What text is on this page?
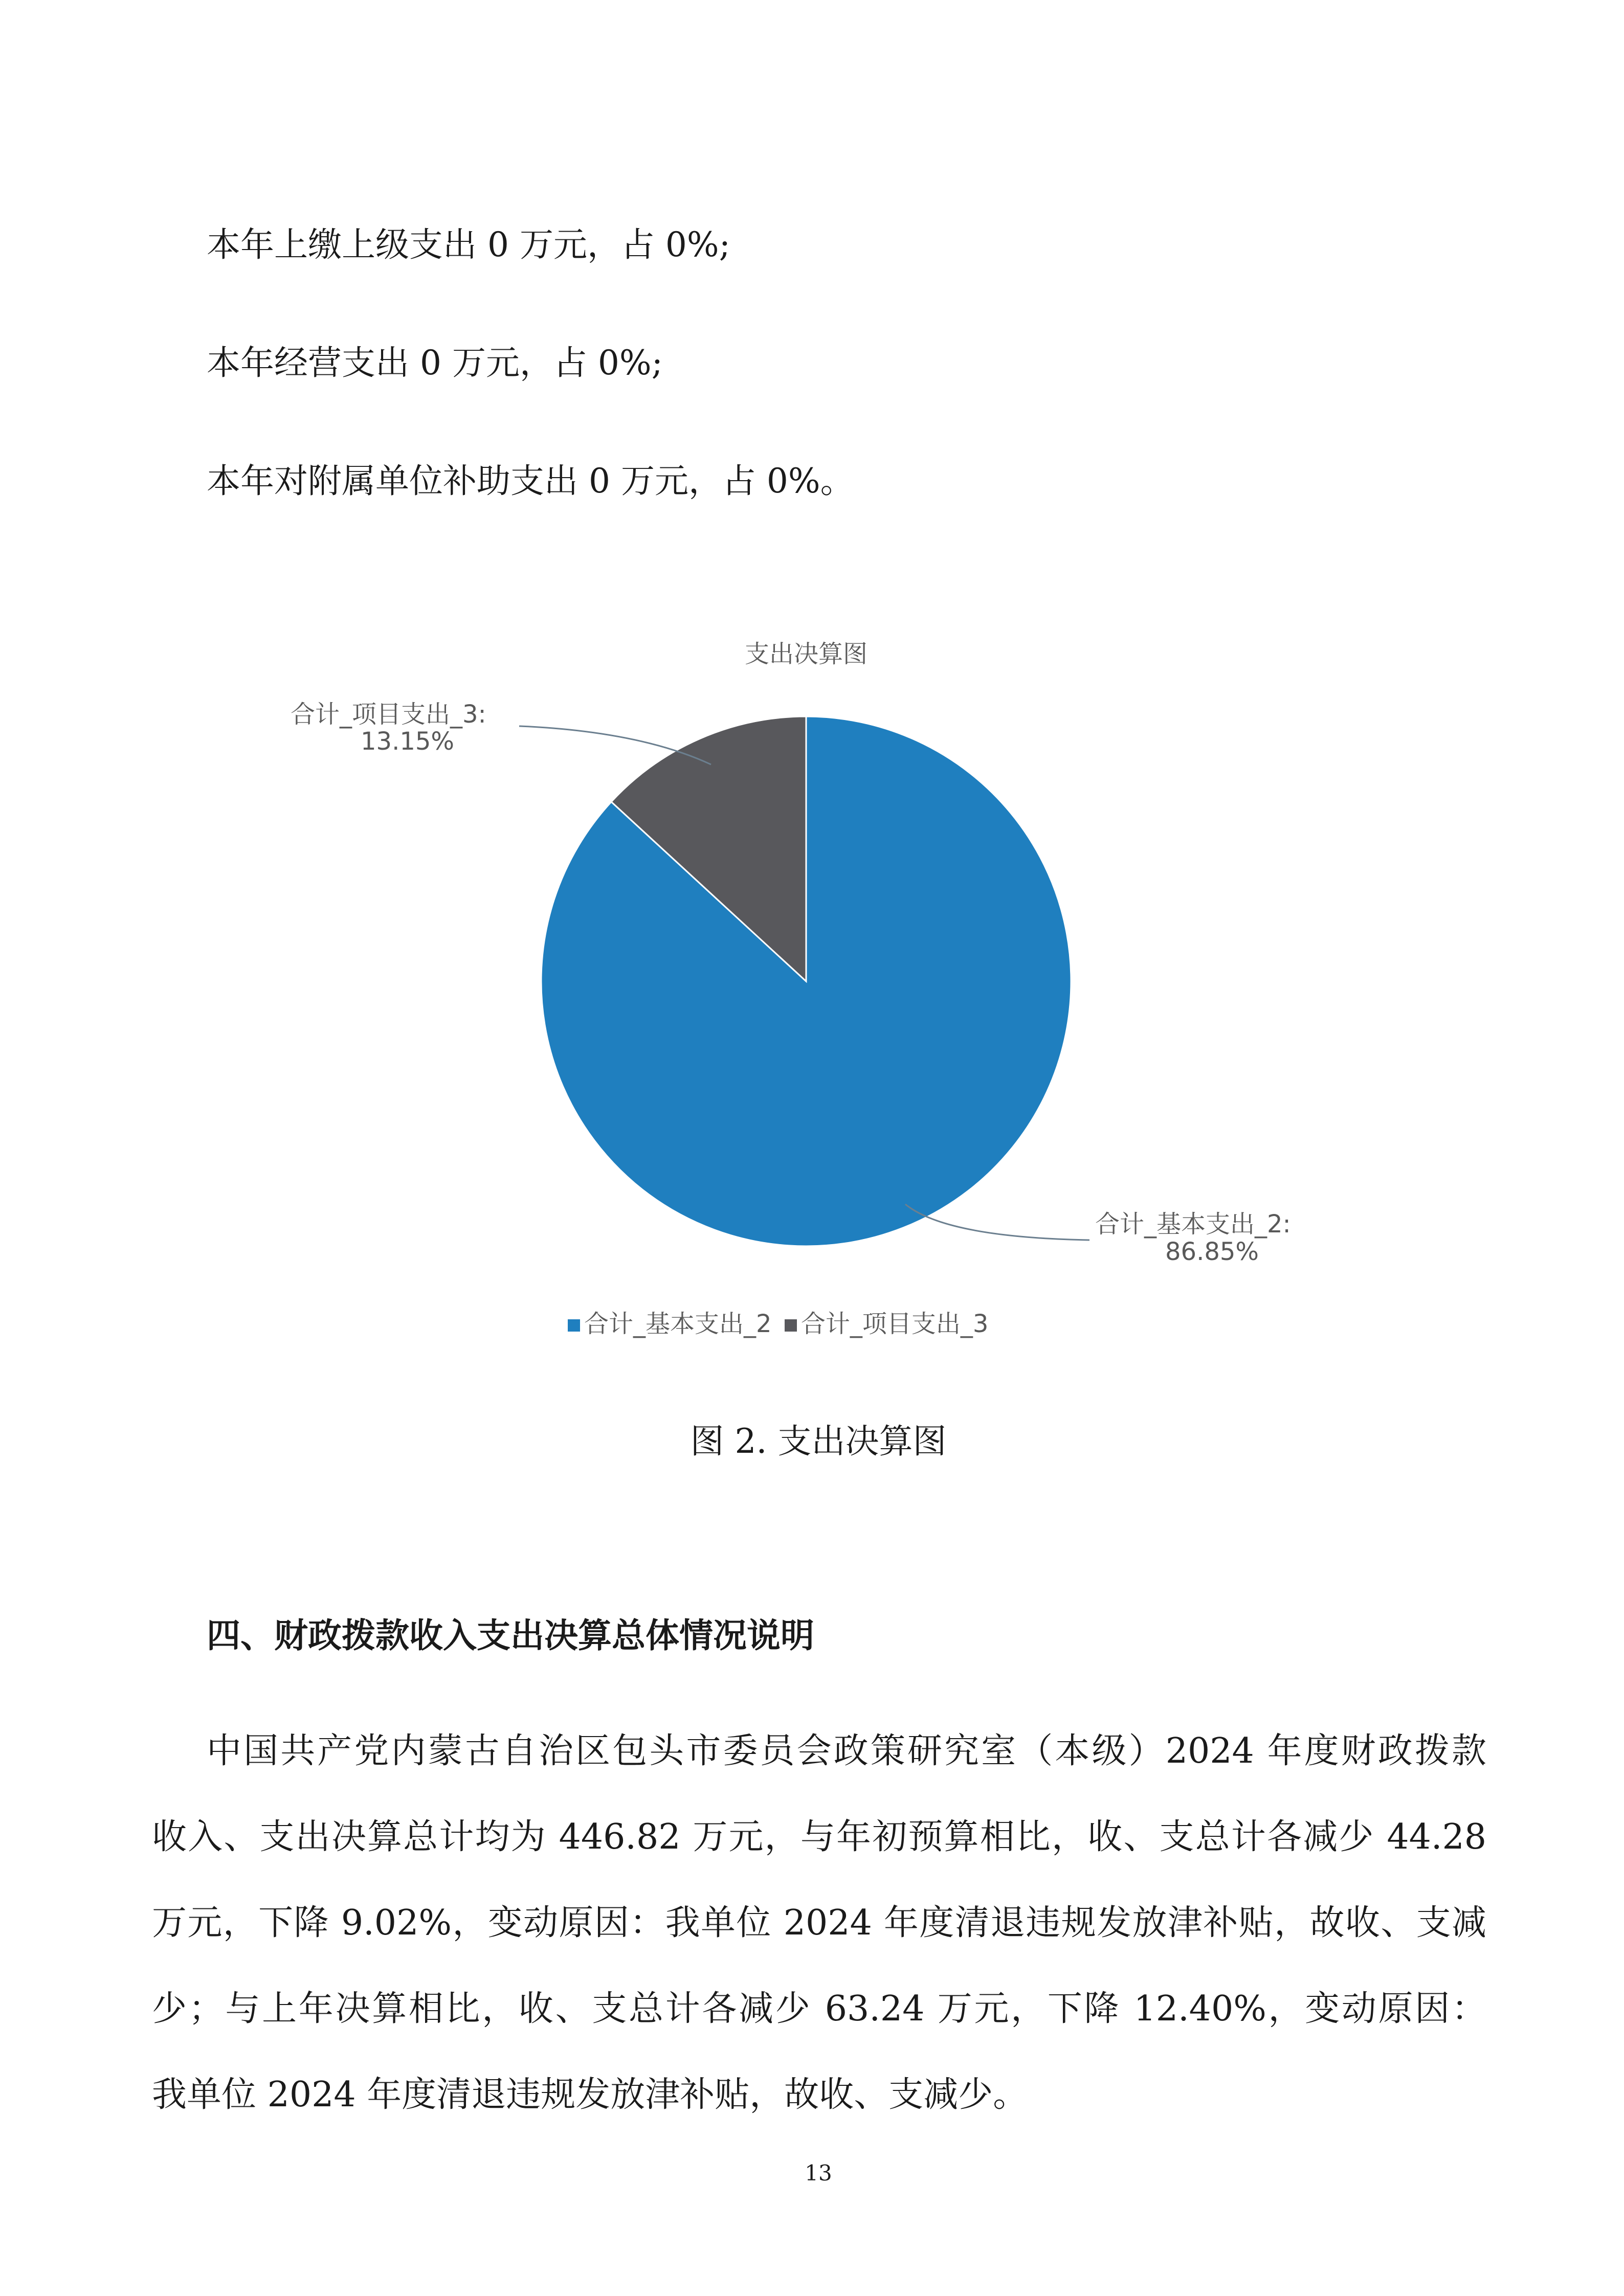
本年上缴上级支出 0 万元，占 0%;
本年经营支出 0 万元，占 0%;
本年对附属单位补助支出 0 万元，占 0%。
支出决算图
合计_项目支出_3:
13.15%
合计_基本支出_2:
86.85%
合计_基本支出_2 合计_项目支出_3
图 2. 支出决算图
四、财政拨款收入支出决算总体情况说明
中国共产党内蒙古自治区包头市委员会政策研究室（本级）2024 年度财政拨款
收入、支出决算总计均为 446.82 万元，与年初预算相比，收、支总计各减少 44.28
万元，下降 9.02%，变动原因：我单位 2024 年度清退违规发放津补贴，故收、支减
少；与上年决算相比，收、支总计各减少 63.24 万元，下降 12.40%，变动原因：
我单位 2024 年度清退违规发放津补贴，故收、支减少。
13
